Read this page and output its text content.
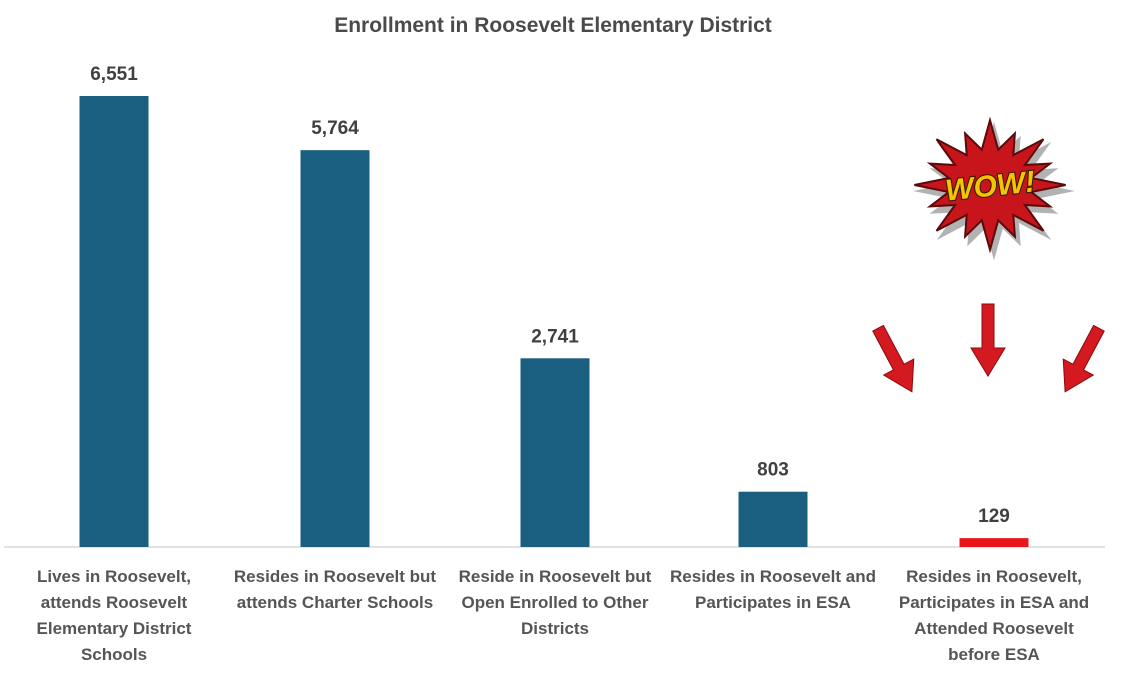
Enrollment in Roosevelt Elementary District
6,551
5,764
2,741
803
129
Lives in Roosevelt, attends Roosevelt Elementary District Schools
Resides in Roosevelt but attends Charter Schools
Reside in Roosevelt but Open Enrolled to Other Districts
Resides in Roosevelt and Participates in ESA
Resides in Roosevelt, Participates in ESA and Attended Roosevelt before ESA
WOW!
